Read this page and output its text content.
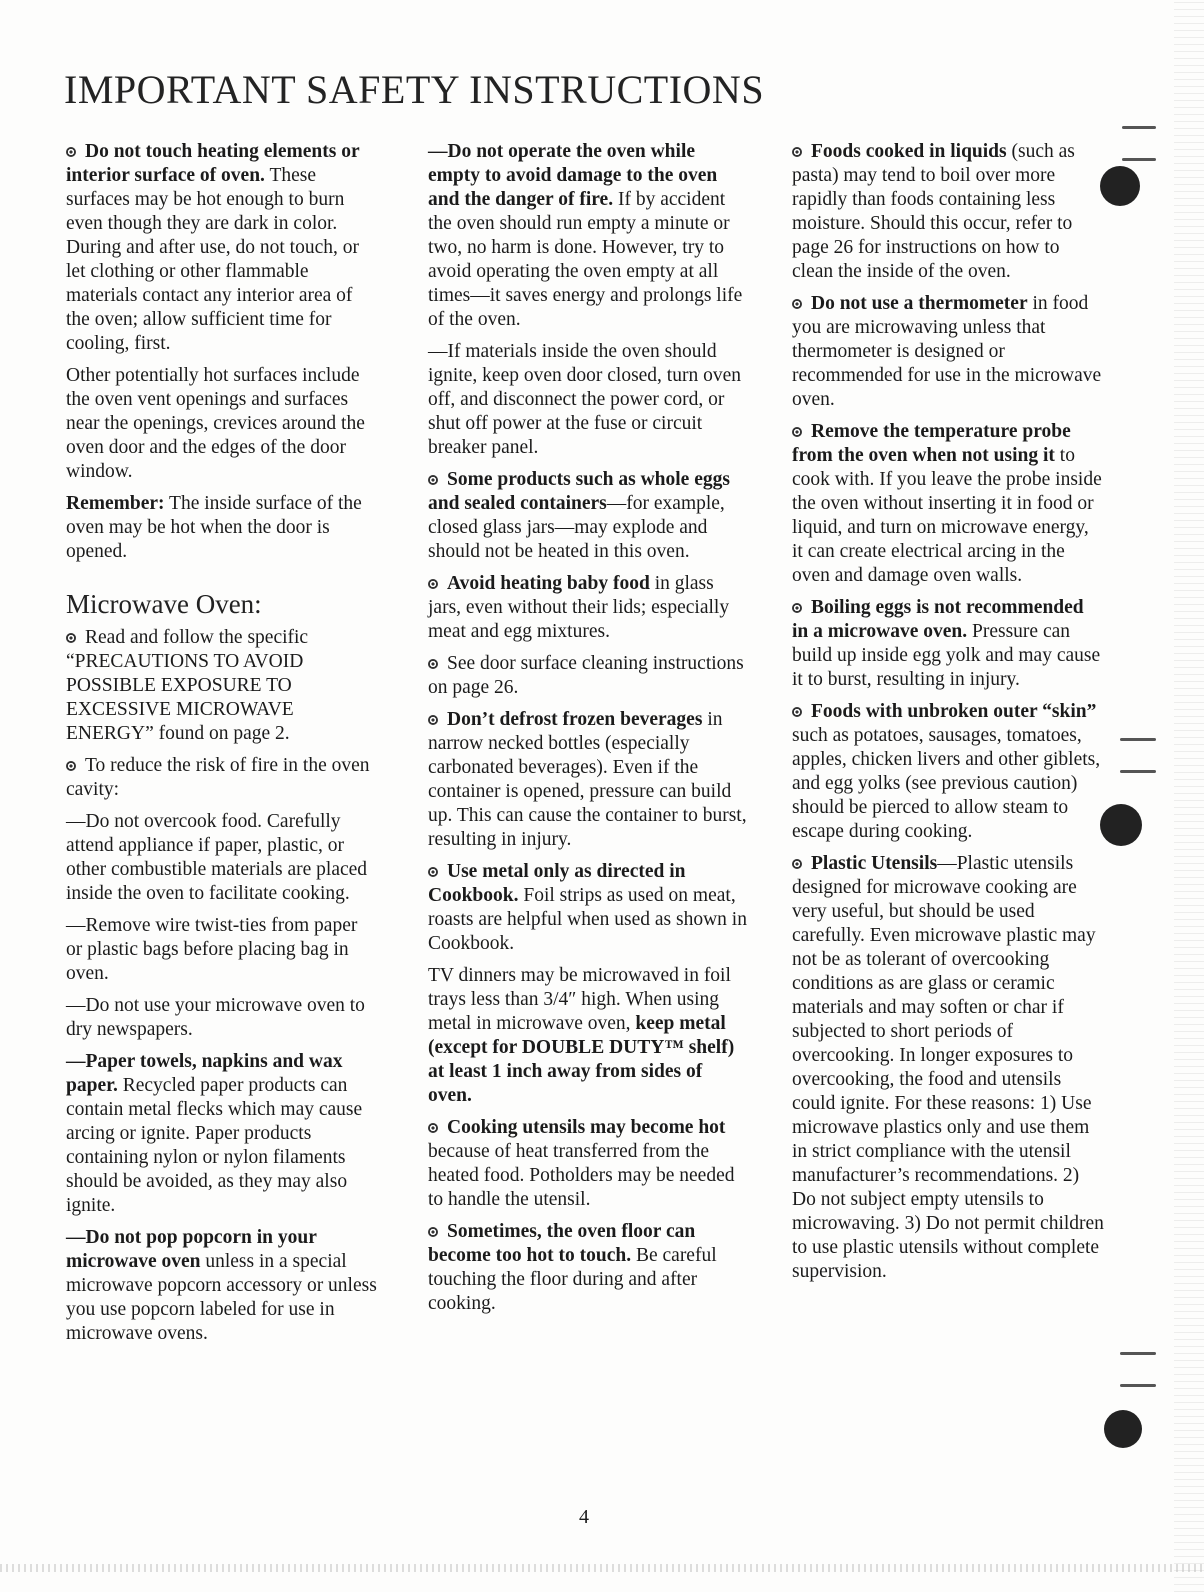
IMPORTANT SAFETY INSTRUCTIONS

Do not touch heating elements or interior surface of oven. These surfaces may be hot enough to burn even though they are dark in color. During and after use, do not touch, or let clothing or other flammable materials contact any interior area of the oven; allow sufficient time for cooling, first.

Other potentially hot surfaces include the oven vent openings and surfaces near the openings, crevices around the oven door and the edges of the door window.

Remember: The inside surface of the oven may be hot when the door is opened.

Microwave Oven:

Read and follow the specific “PRECAUTIONS TO AVOID POSSIBLE EXPOSURE TO EXCESSIVE MICROWAVE ENERGY” found on page 2.

To reduce the risk of fire in the oven cavity:

—Do not overcook food. Carefully attend appliance if paper, plastic, or other combustible materials are placed inside the oven to facilitate cooking.

—Remove wire twist-ties from paper or plastic bags before placing bag in oven.

—Do not use your microwave oven to dry newspapers.

—Paper towels, napkins and wax paper. Recycled paper products can contain metal flecks which may cause arcing or ignite. Paper products containing nylon or nylon filaments should be avoided, as they may also ignite.

—Do not pop popcorn in your microwave oven unless in a special microwave popcorn accessory or unless you use popcorn labeled for use in microwave ovens.

—Do not operate the oven while empty to avoid damage to the oven and the danger of fire. If by accident the oven should run empty a minute or two, no harm is done. However, try to avoid operating the oven empty at all times—it saves energy and prolongs life of the oven.

—If materials inside the oven should ignite, keep oven door closed, turn oven off, and disconnect the power cord, or shut off power at the fuse or circuit breaker panel.

Some products such as whole eggs and sealed containers—for example, closed glass jars—may explode and should not be heated in this oven.

Avoid heating baby food in glass jars, even without their lids; especially meat and egg mixtures.

See door surface cleaning instructions on page 26.

Don’t defrost frozen beverages in narrow necked bottles (especially carbonated beverages). Even if the container is opened, pressure can build up. This can cause the container to burst, resulting in injury.

Use metal only as directed in Cookbook. Foil strips as used on meat, roasts are helpful when used as shown in Cookbook.

TV dinners may be microwaved in foil trays less than 3/4″ high. When using metal in microwave oven, keep metal (except for DOUBLE DUTY™ shelf) at least 1 inch away from sides of oven.

Cooking utensils may become hot because of heat transferred from the heated food. Potholders may be needed to handle the utensil.

Sometimes, the oven floor can become too hot to touch. Be careful touching the floor during and after cooking.

Foods cooked in liquids (such as pasta) may tend to boil over more rapidly than foods containing less moisture. Should this occur, refer to page 26 for instructions on how to clean the inside of the oven.

Do not use a thermometer in food you are microwaving unless that thermometer is designed or recommended for use in the microwave oven.

Remove the temperature probe from the oven when not using it to cook with. If you leave the probe inside the oven without inserting it in food or liquid, and turn on microwave energy, it can create electrical arcing in the oven and damage oven walls.

Boiling eggs is not recommended in a microwave oven. Pressure can build up inside egg yolk and may cause it to burst, resulting in injury.

Foods with unbroken outer “skin” such as potatoes, sausages, tomatoes, apples, chicken livers and other giblets, and egg yolks (see previous caution) should be pierced to allow steam to escape during cooking.

Plastic Utensils—Plastic utensils designed for microwave cooking are very useful, but should be used carefully. Even microwave plastic may not be as tolerant of overcooking conditions as are glass or ceramic materials and may soften or char if subjected to short periods of overcooking. In longer exposures to overcooking, the food and utensils could ignite. For these reasons: 1) Use microwave plastics only and use them in strict compliance with the utensil manufacturer’s recommendations. 2) Do not subject empty utensils to microwaving. 3) Do not permit children to use plastic utensils without complete supervision.

4
